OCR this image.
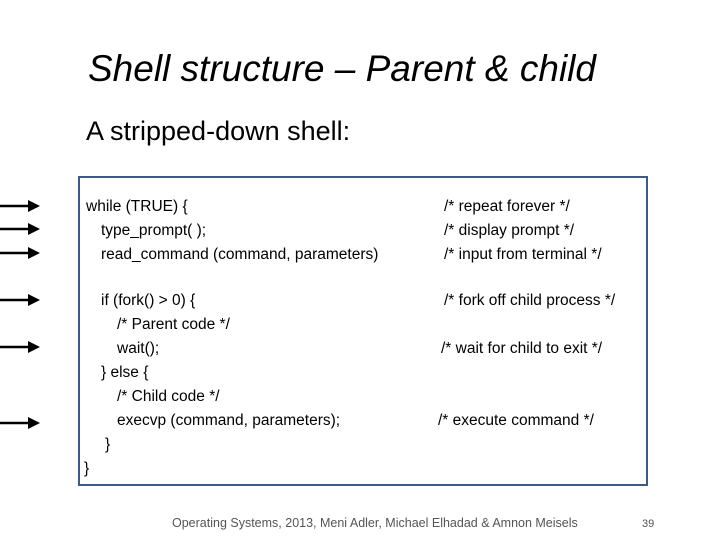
Shell structure – Parent & child
A stripped-down shell:
while (TRUE) {
type_prompt( );
read_command (command, parameters)
if (fork() > 0) {
/* Parent code */
wait();
} else {
/* Child code */
execvp (command, parameters);
}
}
/* repeat forever */
/* display prompt */
/* input from terminal */
/* fork off child process */
/* wait for child to exit */
/* execute command */
Operating Systems, 2013, Meni Adler, Michael Elhadad & Amnon Meisels	39
